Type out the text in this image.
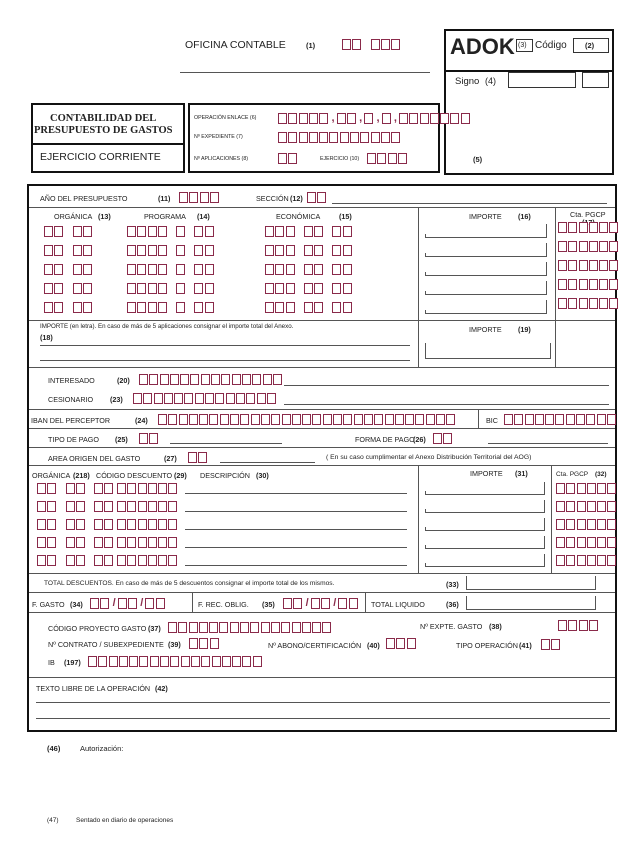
OFICINA CONTABLE	(1)	ADOK (3) Código (2)
Signo (4)
(5)
CONTABILIDAD DEL
PRESUPUESTO DE GASTOS
EJERCICIO CORRIENTE
OPERACIÓN ENLACE (6)	, , , ,
Nº EXPEDIENTE (7)
Nº APLICACIONES (8)	EJERCICIO (10)
AÑO DEL PRESUPUESTO	(11)	SECCIÓN (12)
ORGÁNICA (13)	PROGRAMA (14)	ECONÓMICA	(15)	IMPORTE (16)	Cta. PGCP
IMPORTE (en letra). En caso de más de 5 aplicaciones consignar el importe total del Anexo.
(18)
IMPORTE (19)
INTERESADO	(20)
CESIONARIO (23)
IBAN DEL PERCEPTOR	(24)	BIC
TIPO DE PAGO (25)	FORMA DE PAGO
(26)
AREA ORIGEN DEL GASTO	(27)	( En su caso cumplimentar el Anexo Distribución Territorial del AOG)
ORGÁNICA (218) CÓDIGO DESCUENTO (29) DESCRIPCIÓN (30)	IMPORTE (31)	Cta. PGCP (32)
TOTAL DESCUENTOS. En caso de más de 5 descuentos consignar el importe total de los mismos.	(33)
F. GASTO (34)	/ /	F. REC. OBLIG. (35)	/ /	TOTAL LIQUIDO	(36)
CÓDIGO PROYECTO GASTO (37)	Nº EXPTE. GASTO (38)
Nº CONTRATO / SUBEXPEDIENTE (39)	Nº ABONO/CERTIFICACIÓN (40)	TIPO OPERACIÓN (41)
IB (197)
TEXTO LIBRE DE LA OPERACIÓN (42)
(46)	Autorización:
(47)	Sentado en diario de operaciones
